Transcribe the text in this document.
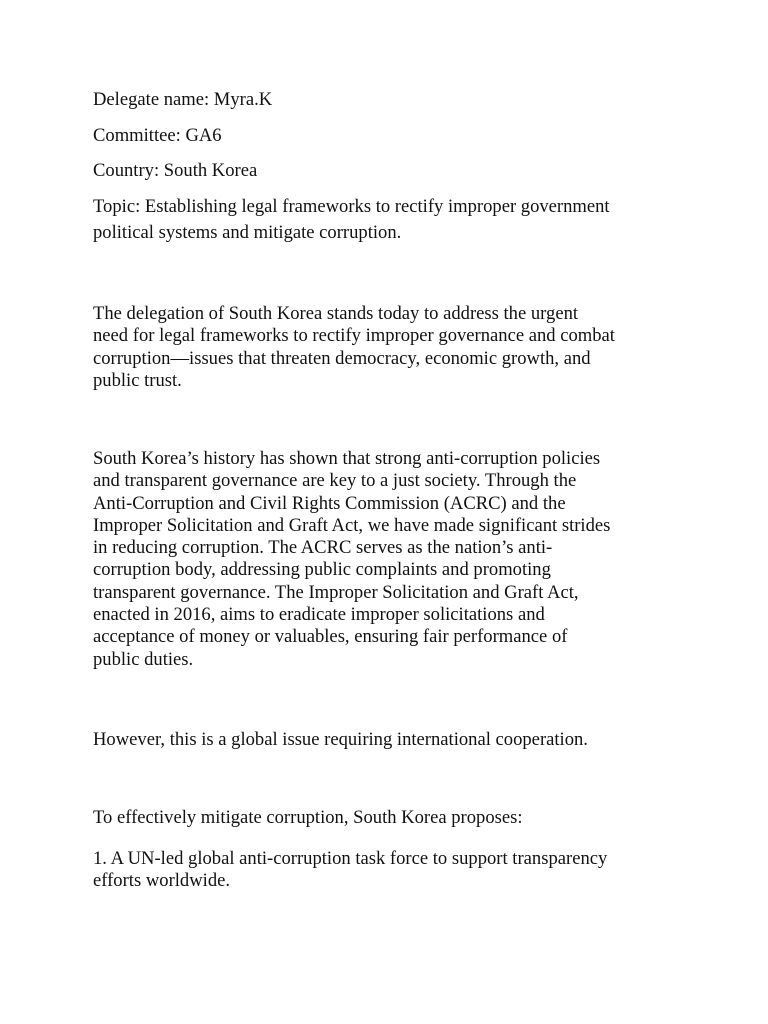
Delegate name: Myra.K

Committee: GA6

Country: South Korea

Topic: Establishing legal frameworks to rectify improper government
political systems and mitigate corruption.
The delegation of South Korea stands today to address the urgent
need for legal frameworks to rectify improper governance and combat
corruption—issues that threaten democracy, economic growth, and
public trust.
South Korea’s history has shown that strong anti-corruption policies
and transparent governance are key to a just society. Through the
Anti-Corruption and Civil Rights Commission (ACRC) and the
Improper Solicitation and Graft Act, we have made significant strides
in reducing corruption. The ACRC serves as the nation’s anti-
corruption body, addressing public complaints and promoting
transparent governance. The Improper Solicitation and Graft Act,
enacted in 2016, aims to eradicate improper solicitations and
acceptance of money or valuables, ensuring fair performance of
public duties.

However, this is a global issue requiring international cooperation.

To effectively mitigate corruption, South Korea proposes:

1. A UN-led global anti-corruption task force to support transparency
efforts worldwide.
